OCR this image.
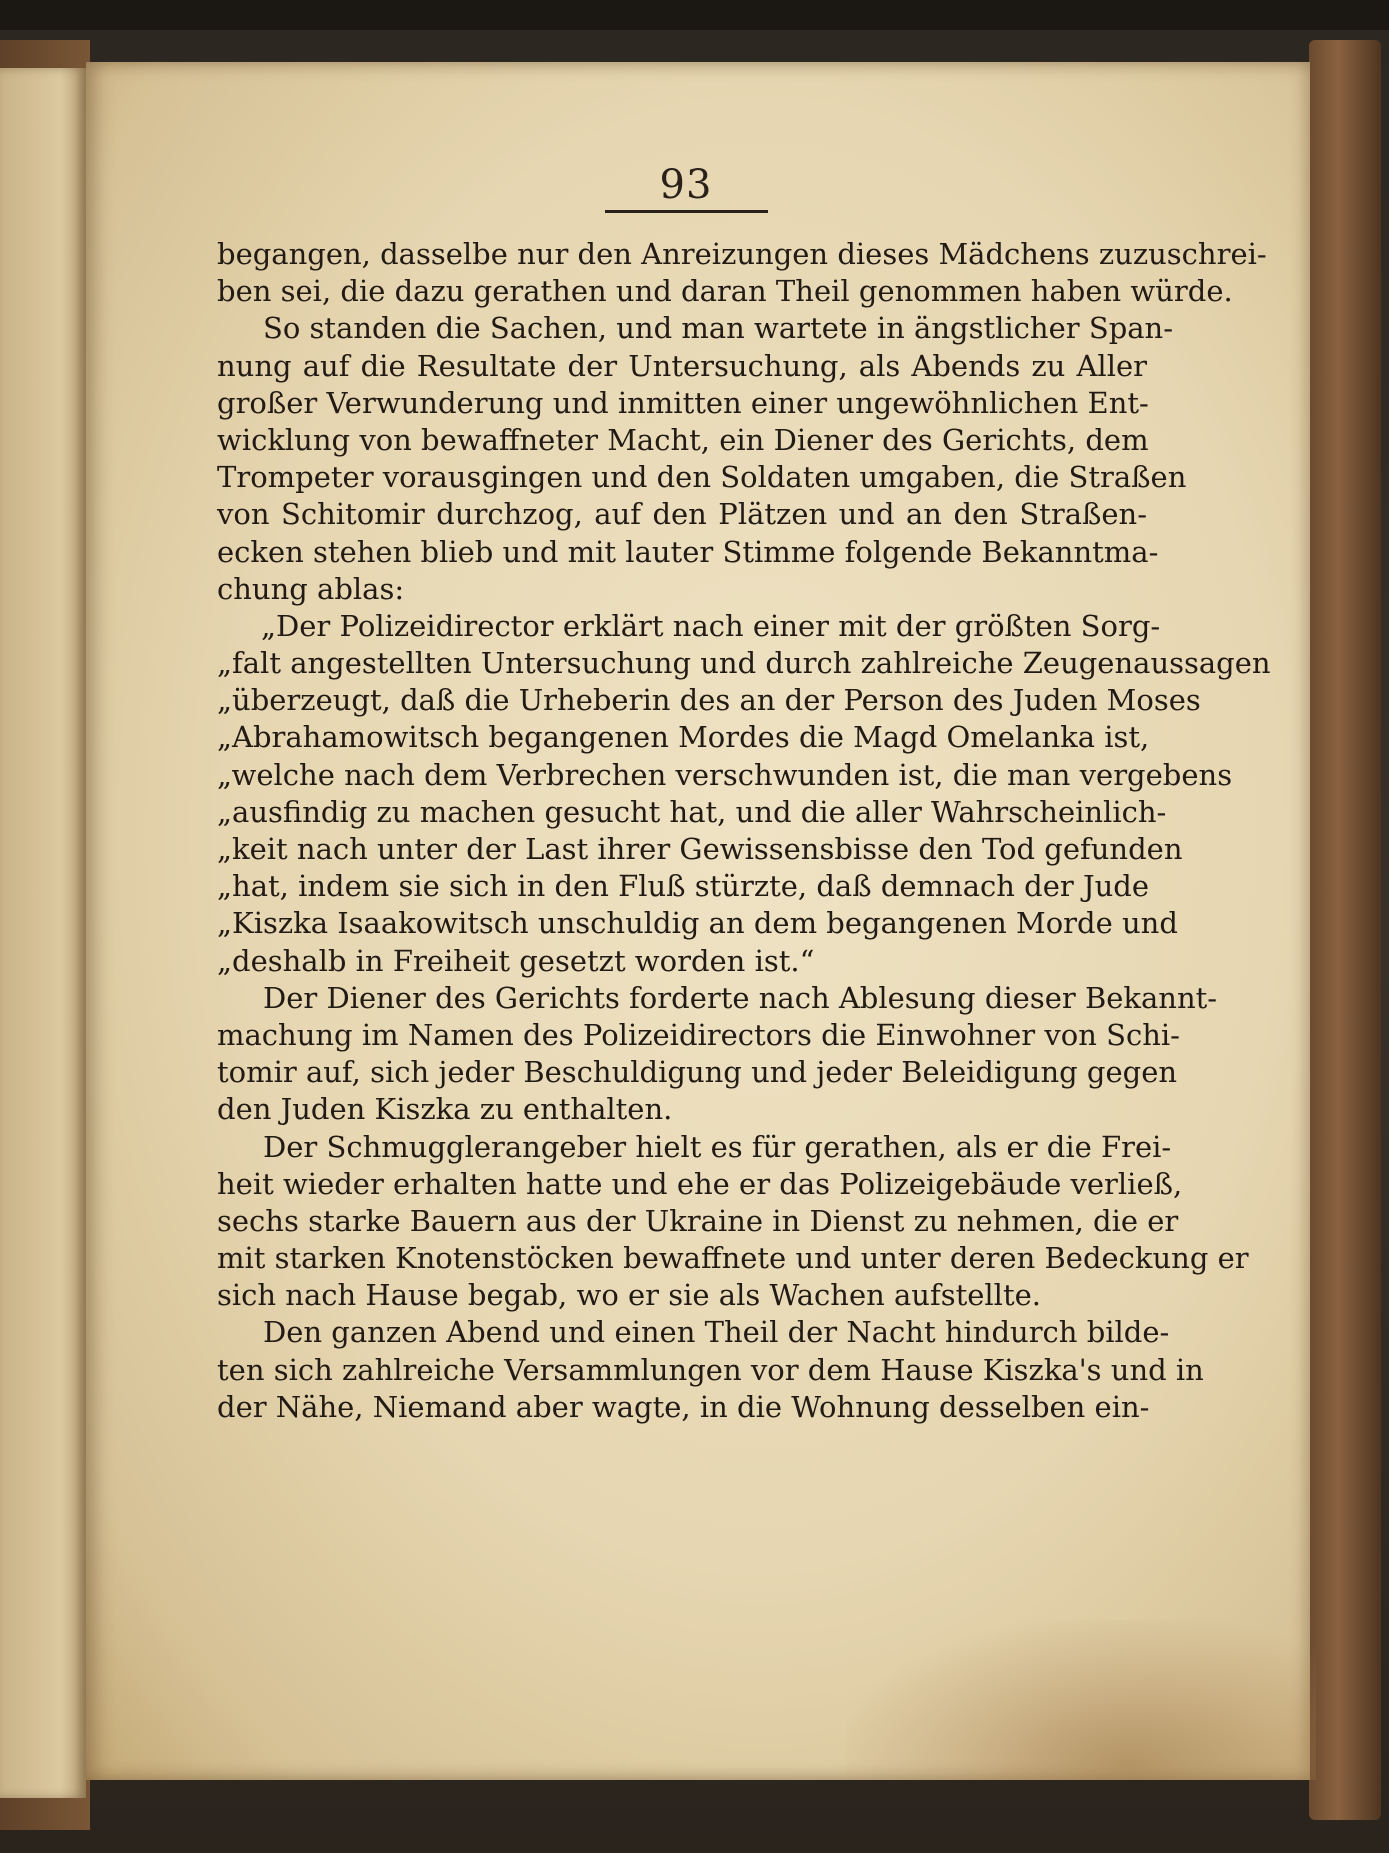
93
begangen, dasselbe nur den Anreizungen dieses Mädchens zuzuschrei-
ben sei, die dazu gerathen und daran Theil genommen haben würde.
So standen die Sachen, und man wartete in ängstlicher Span-
nung auf die Resultate der Untersuchung, als Abends zu Aller
großer Verwunderung und inmitten einer ungewöhnlichen Ent-
wicklung von bewaffneter Macht, ein Diener des Gerichts, dem
Trompeter vorausgingen und den Soldaten umgaben, die Straßen
von Schitomir durchzog, auf den Plätzen und an den Straßen-
ecken stehen blieb und mit lauter Stimme folgende Bekanntma-
chung ablas:
„Der Polizeidirector erklärt nach einer mit der größten Sorg-
„falt angestellten Untersuchung und durch zahlreiche Zeugenaussagen
„überzeugt, daß die Urheberin des an der Person des Juden Moses
„Abrahamowitsch begangenen Mordes die Magd Omelanka ist,
„welche nach dem Verbrechen verschwunden ist, die man vergebens
„ausfindig zu machen gesucht hat, und die aller Wahrscheinlich-
„keit nach unter der Last ihrer Gewissensbisse den Tod gefunden
„hat, indem sie sich in den Fluß stürzte, daß demnach der Jude
„Kiszka Isaakowitsch unschuldig an dem begangenen Morde und
„deshalb in Freiheit gesetzt worden ist.“
Der Diener des Gerichts forderte nach Ablesung dieser Bekannt-
machung im Namen des Polizeidirectors die Einwohner von Schi-
tomir auf, sich jeder Beschuldigung und jeder Beleidigung gegen
den Juden Kiszka zu enthalten.
Der Schmugglerangeber hielt es für gerathen, als er die Frei-
heit wieder erhalten hatte und ehe er das Polizeigebäude verließ,
sechs starke Bauern aus der Ukraine in Dienst zu nehmen, die er
mit starken Knotenstöcken bewaffnete und unter deren Bedeckung er
sich nach Hause begab, wo er sie als Wachen aufstellte.
Den ganzen Abend und einen Theil der Nacht hindurch bilde-
ten sich zahlreiche Versammlungen vor dem Hause Kiszka's und in
der Nähe, Niemand aber wagte, in die Wohnung desselben ein-
